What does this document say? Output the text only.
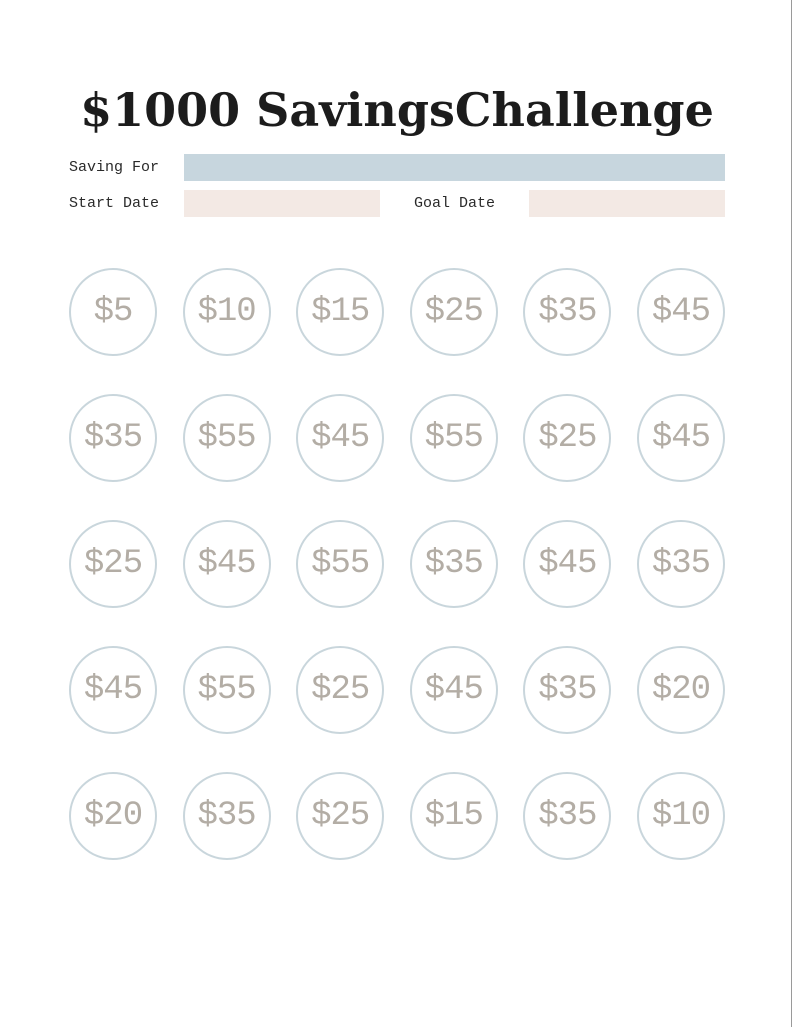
$1000 SavingsChallenge
Saving For
Start Date	Goal Date
$5 $10 $15 $25 $35 $45
$35 $55 $45 $55 $25 $45
$25 $45 $55 $35 $45 $35
$45 $55 $25 $45 $35 $20
$20 $35 $25 $15 $35 $10
